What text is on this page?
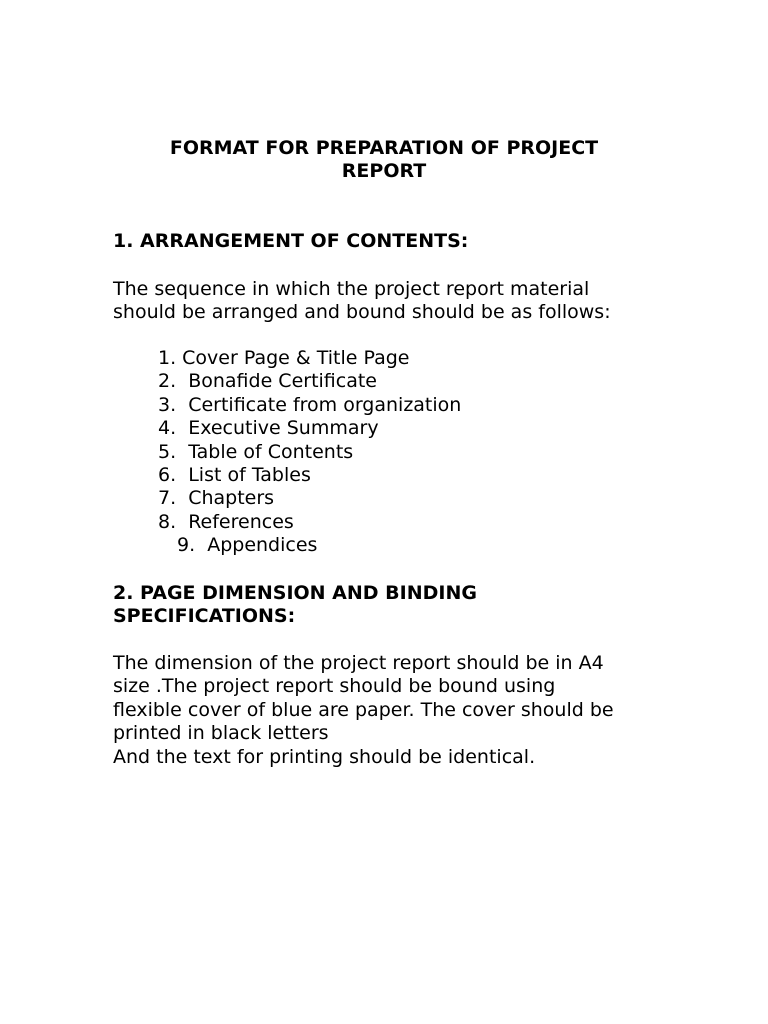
FORMAT FOR PREPARATION OF PROJECT
REPORT
1. ARRANGEMENT OF CONTENTS:
The sequence in which the project report material
should be arranged and bound should be as follows:
1. Cover Page & Title Page
2.  Bonafide Certificate
3.  Certificate from organization
4.  Executive Summary
5.  Table of Contents
6.  List of Tables
7.  Chapters
8.  References
9.  Appendices
2. PAGE DIMENSION AND BINDING
SPECIFICATIONS:
The dimension of the project report should be in A4
size .The project report should be bound using
flexible cover of blue are paper. The cover should be
printed in black letters
And the text for printing should be identical.
